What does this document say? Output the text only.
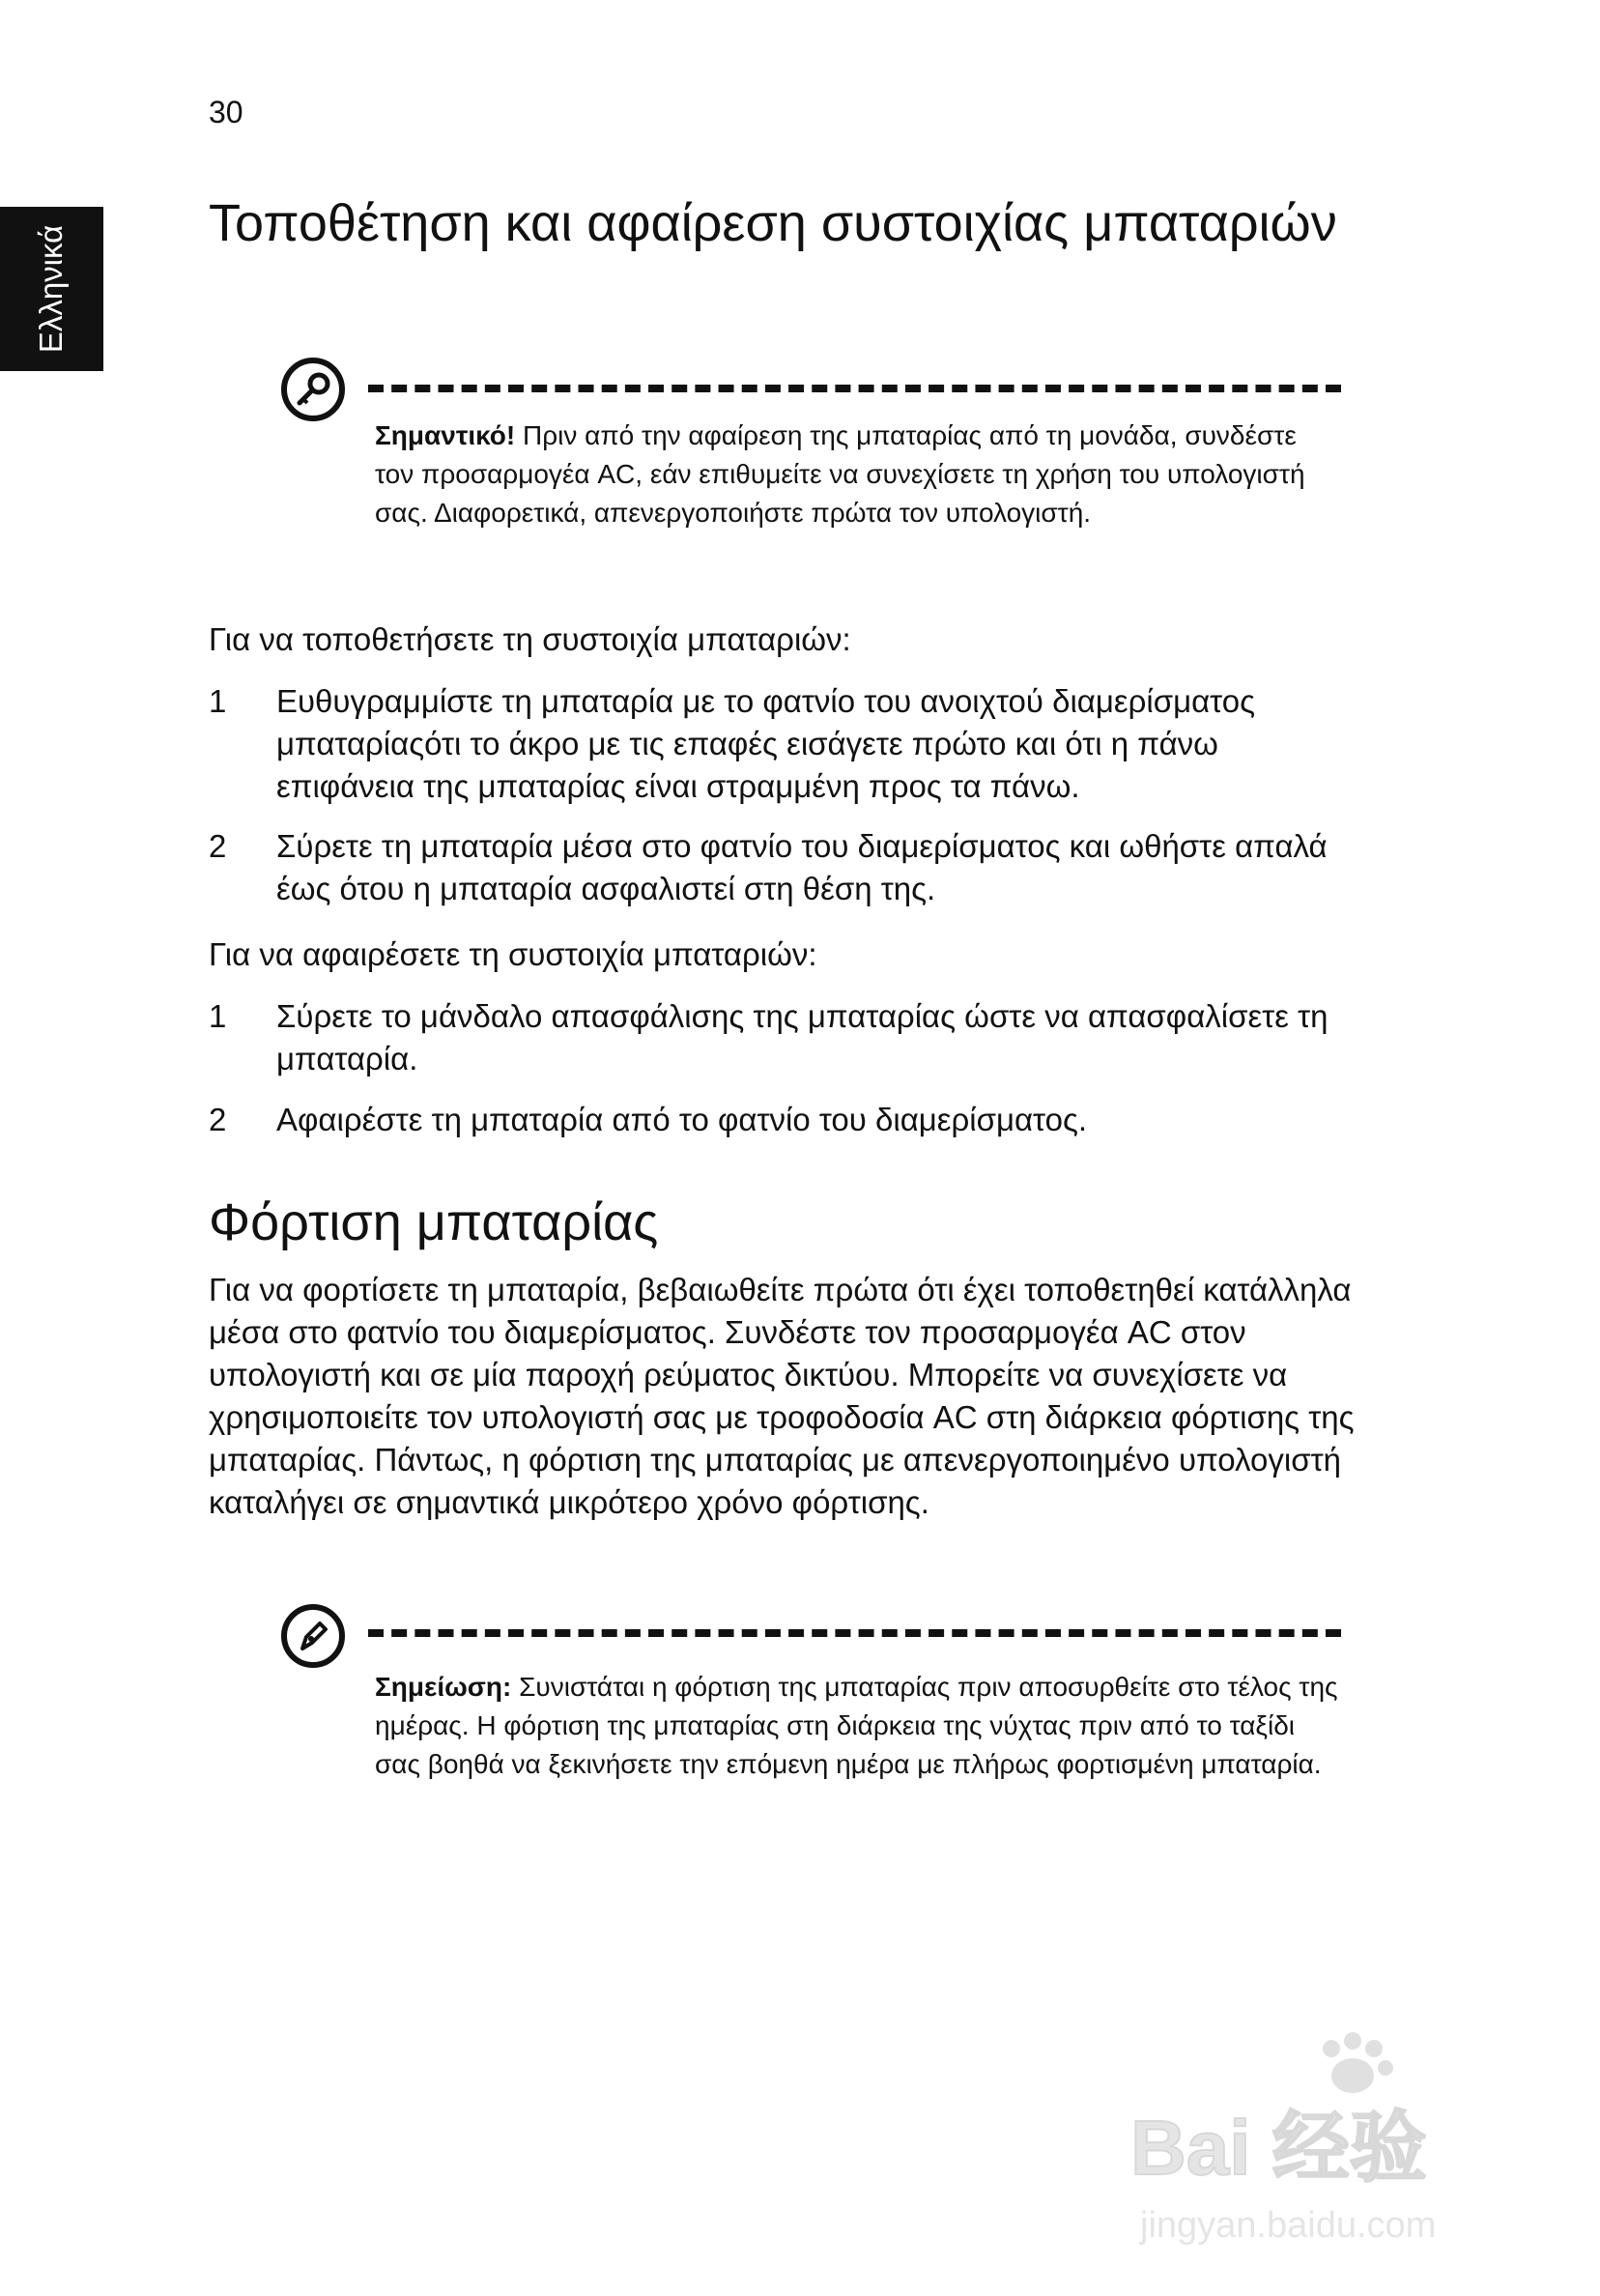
30
Ελληνικά
Τοποθέτηση και αφαίρεση συστοιχίας μπαταριών
Σημαντικό! Πριν από την αφαίρεση της μπαταρίας από τη μονάδα, συνδέστε τον προσαρμογέα AC, εάν επιθυμείτε να συνεχίσετε τη χρήση του υπολογιστή σας. Διαφορετικά, απενεργοποιήστε πρώτα τον υπολογιστή.
Για να τοποθετήσετε τη συστοιχία μπαταριών:
1	Ευθυγραμμίστε τη μπαταρία με το φατνίο του ανοιχτού διαμερίσματος μπαταρίαςότι το άκρο με τις επαφές εισάγετε πρώτο και ότι η πάνω επιφάνεια της μπαταρίας είναι στραμμένη προς τα πάνω.
2	Σύρετε τη μπαταρία μέσα στο φατνίο του διαμερίσματος και ωθήστε απαλά έως ότου η μπαταρία ασφαλιστεί στη θέση της.
Για να αφαιρέσετε τη συστοιχία μπαταριών:
1	Σύρετε το μάνδαλο απασφάλισης της μπαταρίας ώστε να απασφαλίσετε τη μπαταρία.
2	Αφαιρέστε τη μπαταρία από το φατνίο του διαμερίσματος.
Φόρτιση μπαταρίας
Για να φορτίσετε τη μπαταρία, βεβαιωθείτε πρώτα ότι έχει τοποθετηθεί κατάλληλα μέσα στο φατνίο του διαμερίσματος. Συνδέστε τον προσαρμογέα AC στον υπολογιστή και σε μία παροχή ρεύματος δικτύου. Μπορείτε να συνεχίσετε να χρησιμοποιείτε τον υπολογιστή σας με τροφοδοσία AC στη διάρκεια φόρτισης της μπαταρίας. Πάντως, η φόρτιση της μπαταρίας με απενεργοποιημένο υπολογιστή καταλήγει σε σημαντικά μικρότερο χρόνο φόρτισης.
Σημείωση: Συνιστάται η φόρτιση της μπαταρίας πριν αποσυρθείτε στο τέλος της ημέρας. Η φόρτιση της μπαταρίας στη διάρκεια της νύχτας πριν από το ταξίδι σας βοηθά να ξεκινήσετε την επόμενη ημέρα με πλήρως φορτισμένη μπαταρία.
Bai 经验
jingyan.baidu.com
